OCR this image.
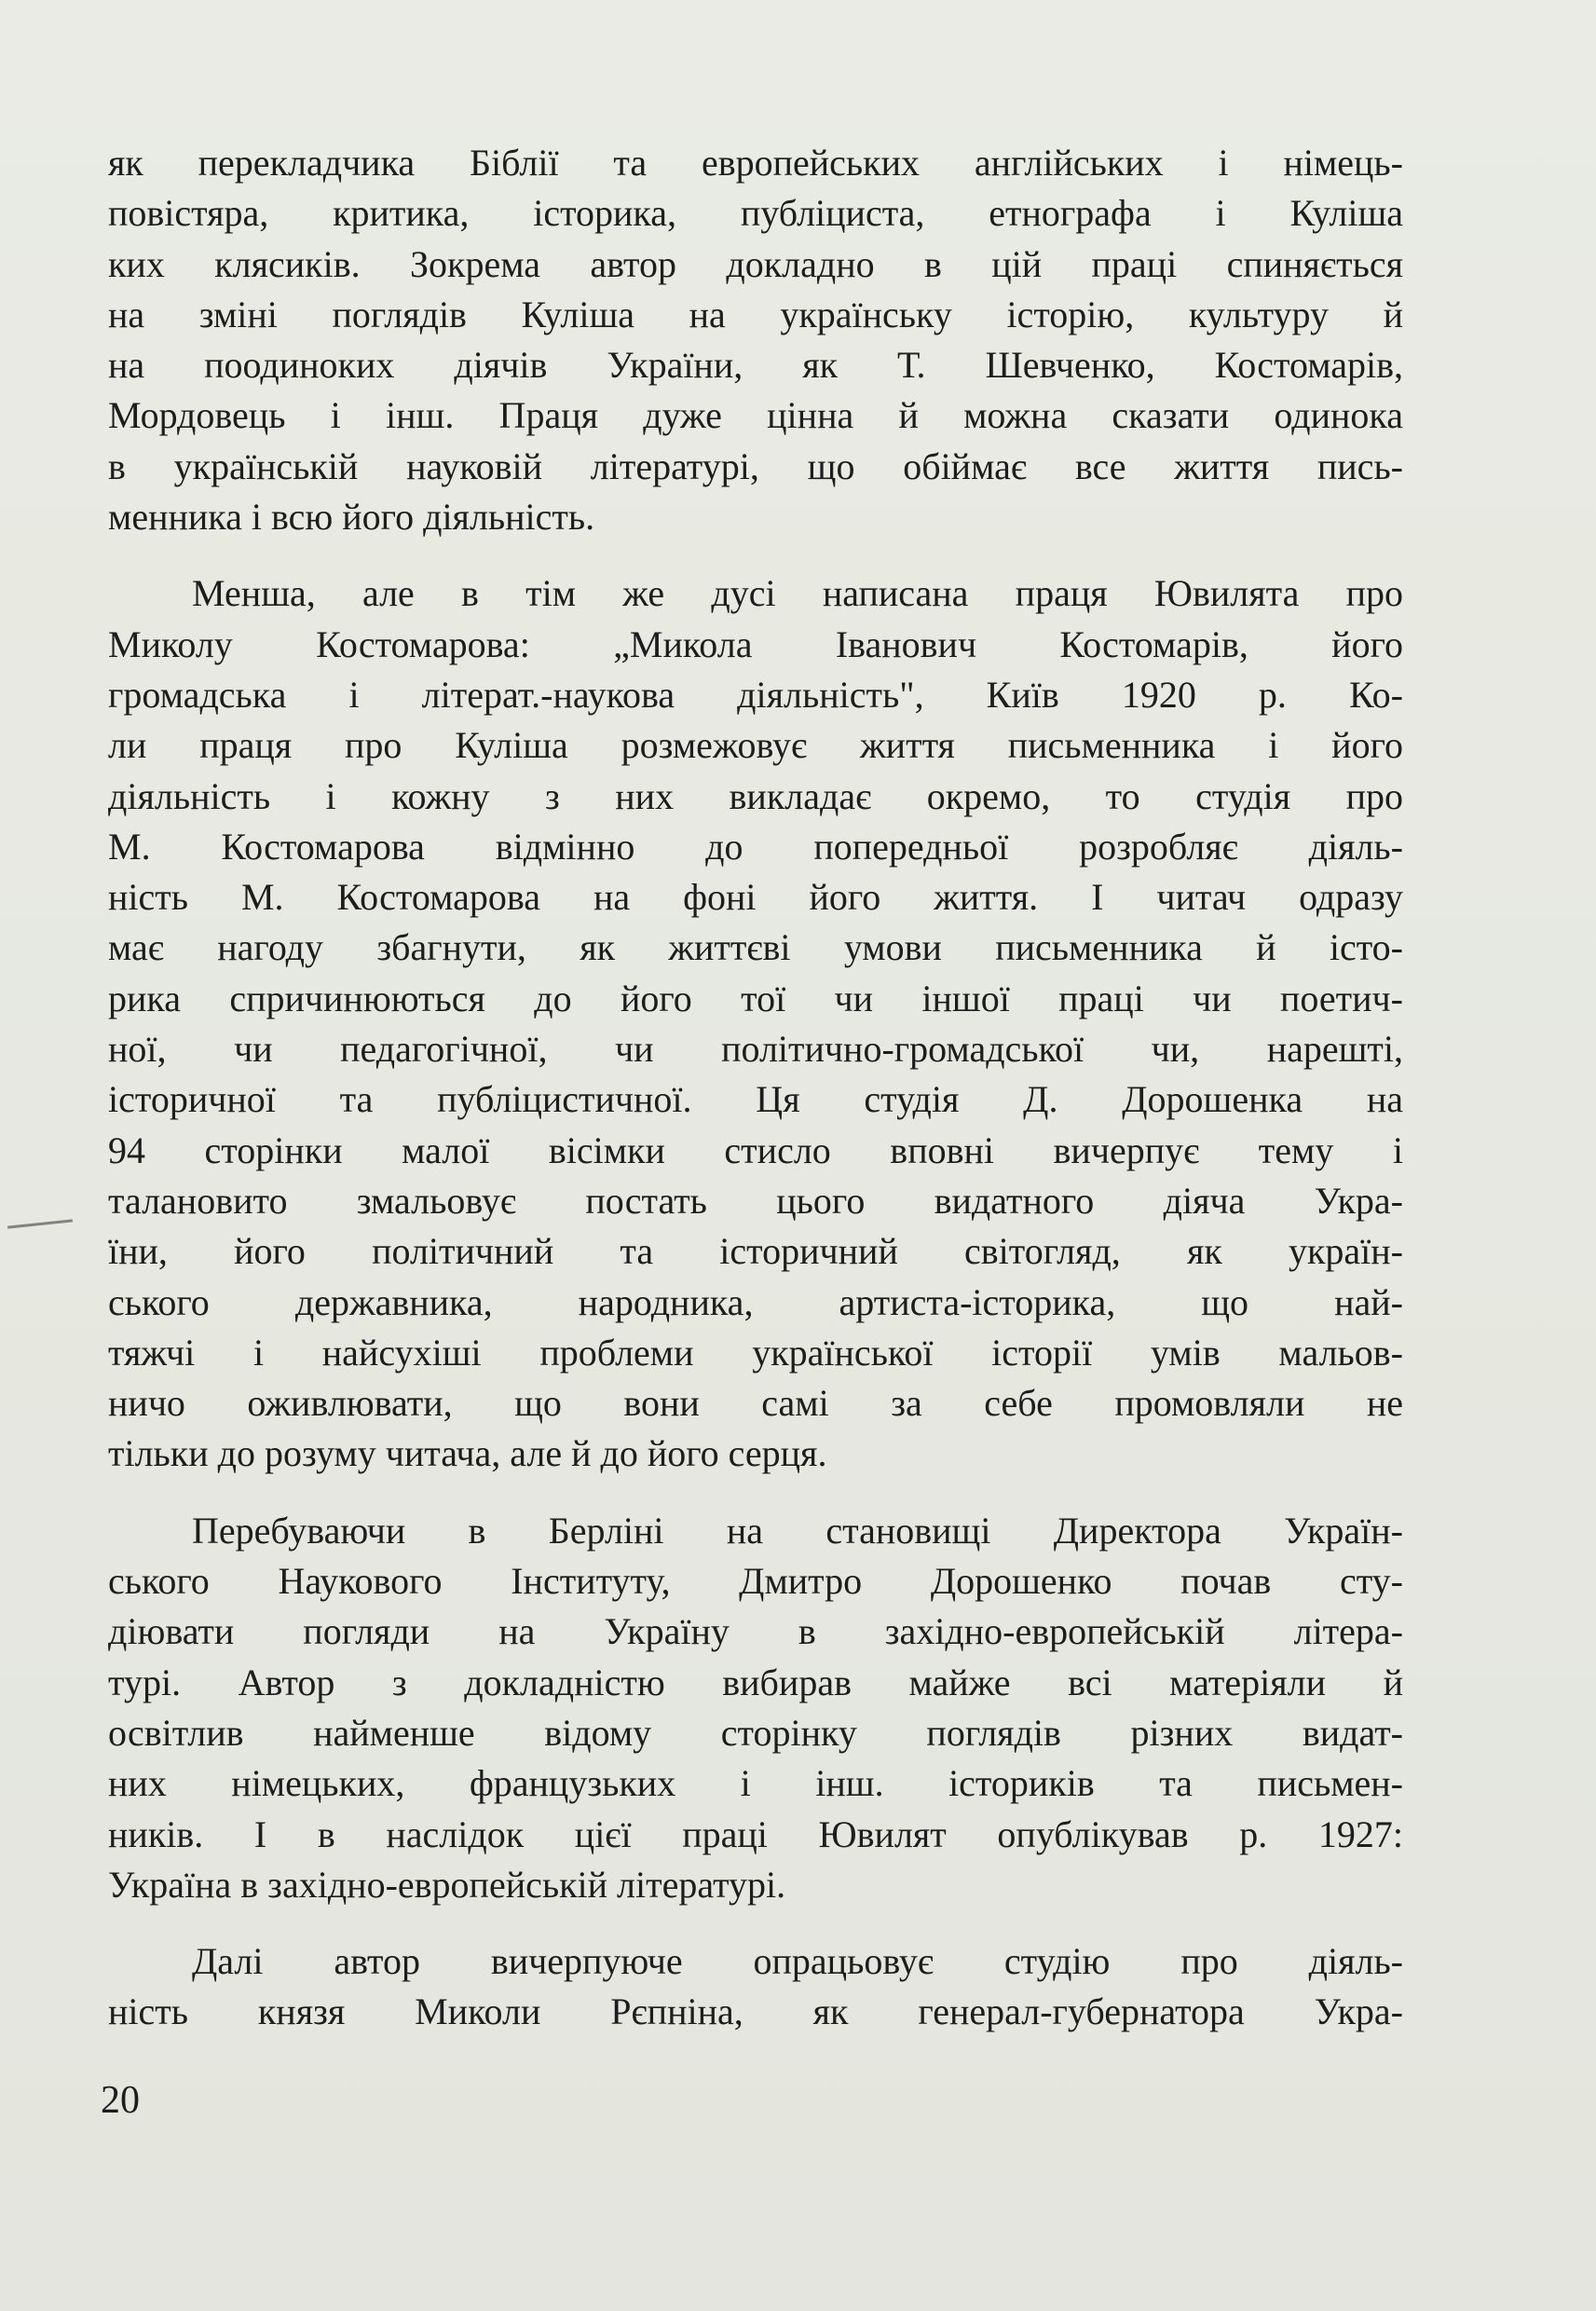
як перекладчика Біблії та европейських англійських і німець-
повістяра, критика, історика, публіциста, етнографа і Куліша
ких клясиків. Зокрема автор докладно в цій праці спиняється
на зміні поглядів Куліша на українську історію, культуру й
на поодиноких діячів України, як Т. Шевченко, Костомарів,
Мордовець і інш. Праця дуже цінна й можна сказати одинока
в українській науковій літературі, що обіймає все життя пись-
менника і всю його діяльність.
Менша, але в тім же дусі написана праця Ювилята про
Миколу Костомарова: „Микола Іванович Костомарів, його
громадська і літерат.-наукова діяльність", Київ 1920 р. Ко-
ли праця про Куліша розмежовує життя письменника і його
діяльність і кожну з них викладає окремо, то студія про
М. Костомарова відмінно до попередньої розробляє діяль-
ність М. Костомарова на фоні його життя. І читач одразу
має нагоду збагнути, як життєві умови письменника й істо-
рика спричинюються до його тої чи іншої праці чи поетич-
ної, чи педагогічної, чи політично-громадської чи, нарешті,
історичної та публіцистичної. Ця студія Д. Дорошенка на
94 сторінки малої вісімки стисло вповні вичерпує тему і
талановито змальовує постать цього видатного діяча Укра-
їни, його політичний та історичний світогляд, як україн-
ського державника, народника, артиста-історика, що най-
тяжчі і найсухіші проблеми української історії умів мальов-
ничо оживлювати, що вони самі за себе промовляли не
тільки до розуму читача, але й до його серця.
Перебуваючи в Берліні на становищі Директора Україн-
ського Наукового Інституту, Дмитро Дорошенко почав сту-
діювати погляди на Україну в західно-европейській літера-
турі. Автор з докладністю вибирав майже всі матеріяли й
освітлив найменше відому сторінку поглядів різних видат-
них німецьких, французьких і інш. істориків та письмен-
ників. І в наслідок цієї праці Ювилят опублікував р. 1927:
Україна в західно-европейській літературі.
Далі автор вичерпуюче опрацьовує студію про діяль-
ність князя Миколи Рєпніна, як генерал-губернатора Укра-
20
